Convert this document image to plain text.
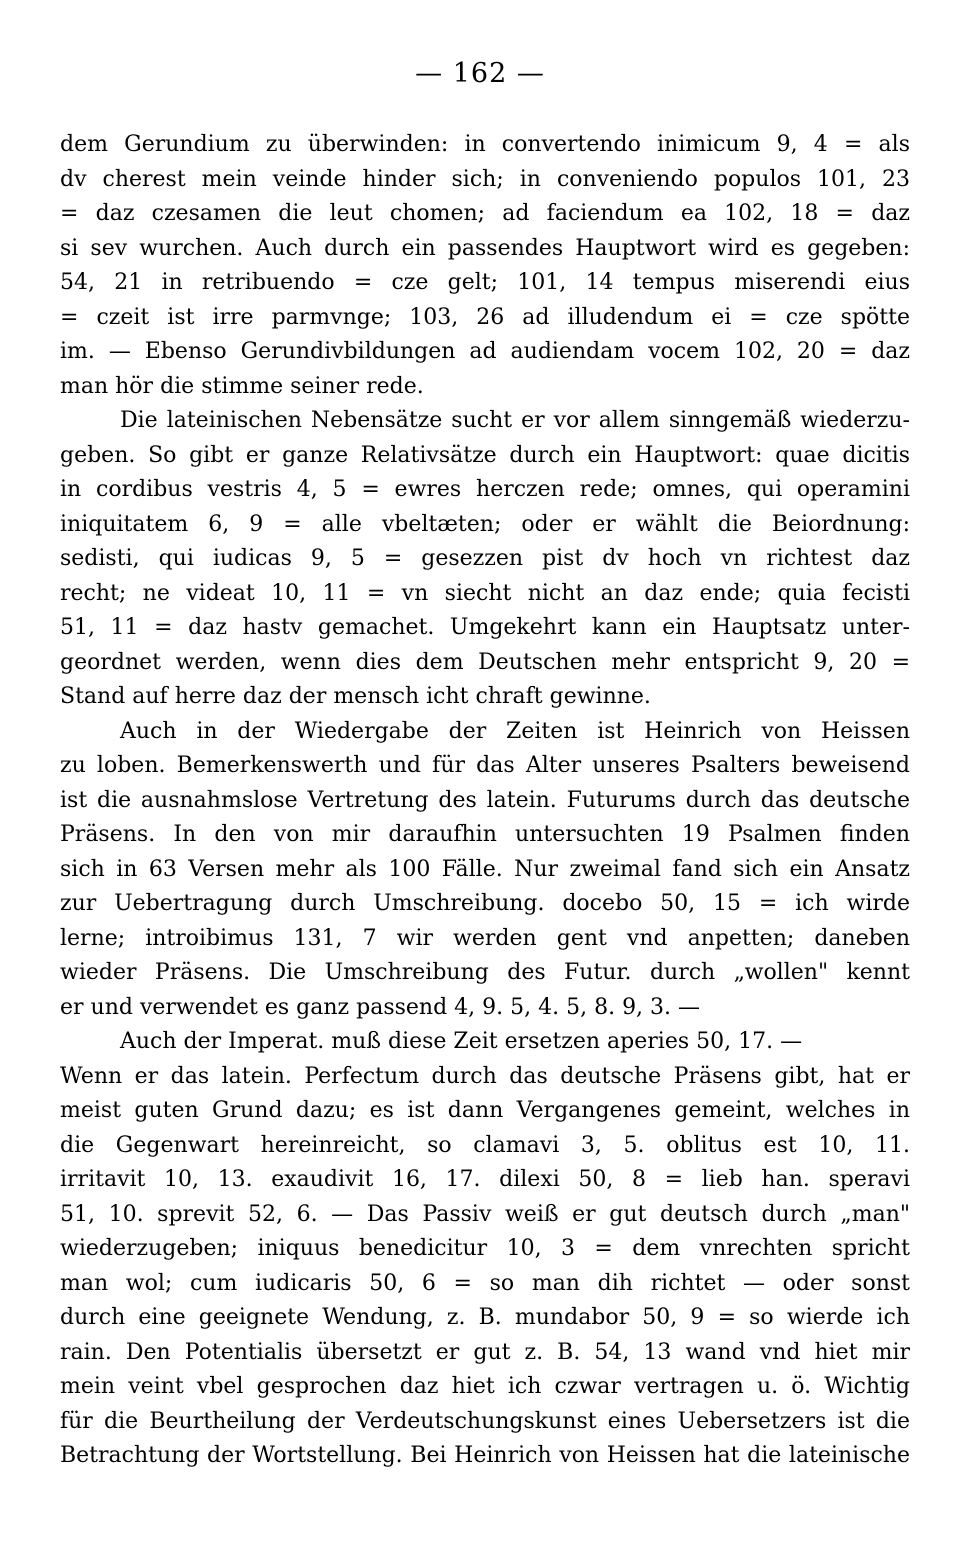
— 162 —
dem Gerundium zu überwinden: in convertendo inimicum 9, 4 = als
dv cherest mein veinde hinder sich; in conveniendo populos 101, 23
= daz czesamen die leut chomen; ad faciendum ea 102, 18 = daz
si sev wurchen. Auch durch ein passendes Hauptwort wird es gegeben:
54, 21 in retribuendo = cze gelt; 101, 14 tempus miserendi eius
= czeit ist irre parmvnge; 103, 26 ad illudendum ei = cze spötte
im. — Ebenso Gerundivbildungen ad audiendam vocem 102, 20 = daz
man hör die stimme seiner rede.
Die lateinischen Nebensätze sucht er vor allem sinngemäß wiederzu-
geben. So gibt er ganze Relativsätze durch ein Hauptwort: quae dicitis
in cordibus vestris 4, 5 = ewres herczen rede; omnes, qui operamini
iniquitatem 6, 9 = alle vbeltæten; oder er wählt die Beiordnung:
sedisti, qui iudicas 9, 5 = gesezzen pist dv hoch vn richtest daz
recht; ne videat 10, 11 = vn siecht nicht an daz ende; quia fecisti
51, 11 = daz hastv gemachet. Umgekehrt kann ein Hauptsatz unter-
geordnet werden, wenn dies dem Deutschen mehr entspricht 9, 20 =
Stand auf herre daz der mensch icht chraft gewinne.
Auch in der Wiedergabe der Zeiten ist Heinrich von Heissen
zu loben. Bemerkenswerth und für das Alter unseres Psalters beweisend
ist die ausnahmslose Vertretung des latein. Futurums durch das deutsche
Präsens. In den von mir daraufhin untersuchten 19 Psalmen finden
sich in 63 Versen mehr als 100 Fälle. Nur zweimal fand sich ein Ansatz
zur Uebertragung durch Umschreibung. docebo 50, 15 = ich wirde
lerne; introibimus 131, 7 wir werden gent vnd anpetten; daneben
wieder Präsens. Die Umschreibung des Futur. durch „wollen" kennt
er und verwendet es ganz passend 4, 9. 5, 4. 5, 8. 9, 3. —
Auch der Imperat. muß diese Zeit ersetzen aperies 50, 17. —
Wenn er das latein. Perfectum durch das deutsche Präsens gibt, hat er
meist guten Grund dazu; es ist dann Vergangenes gemeint, welches in
die Gegenwart hereinreicht, so clamavi 3, 5. oblitus est 10, 11.
irritavit 10, 13. exaudivit 16, 17. dilexi 50, 8 = lieb han. speravi
51, 10. sprevit 52, 6. — Das Passiv weiß er gut deutsch durch „man"
wiederzugeben; iniquus benedicitur 10, 3 = dem vnrechten spricht
man wol; cum iudicaris 50, 6 = so man dih richtet — oder sonst
durch eine geeignete Wendung, z. B. mundabor 50, 9 = so wierde ich
rain. Den Potentialis übersetzt er gut z. B. 54, 13 wand vnd hiet mir
mein veint vbel gesprochen daz hiet ich czwar vertragen u. ö. Wichtig
für die Beurtheilung der Verdeutschungskunst eines Uebersetzers ist die
Betrachtung der Wortstellung. Bei Heinrich von Heissen hat die lateinische
